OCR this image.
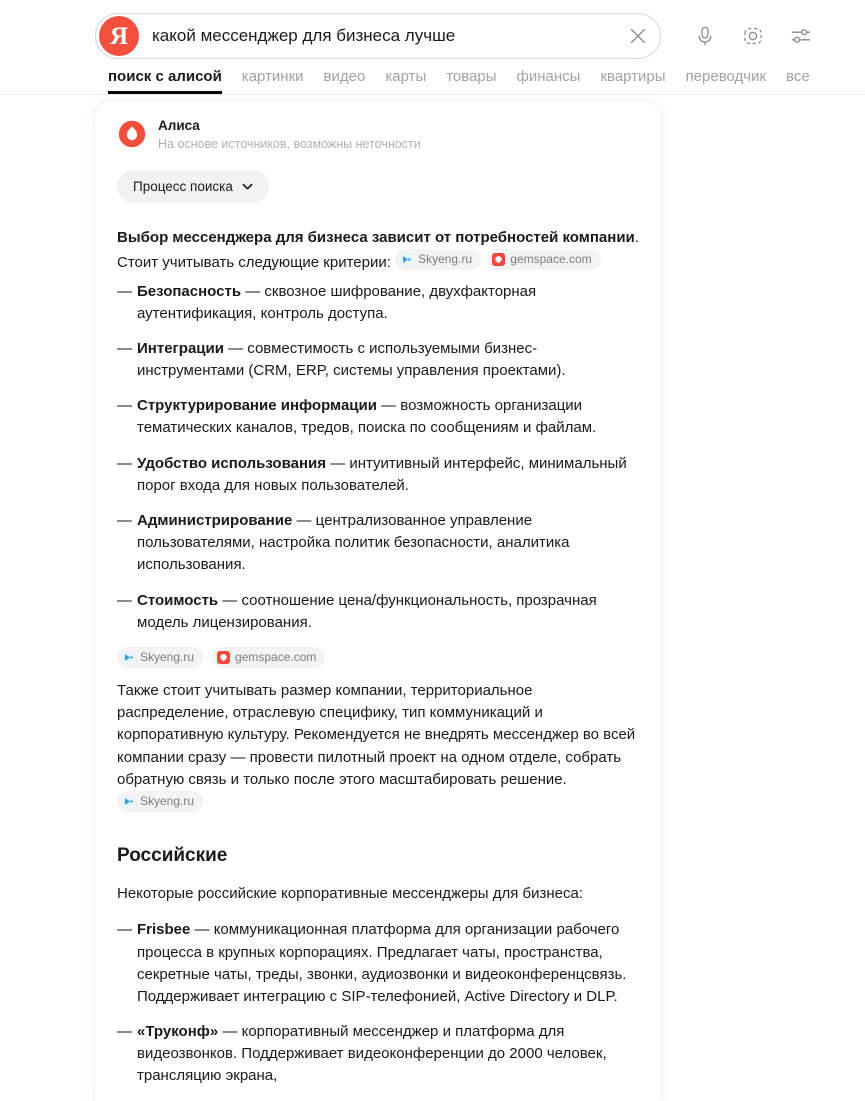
Я
какой мессенджер для бизнеса лучше
поиск с алисой картинки видео карты товары финансы квартиры переводчик все
Алиса
На основе источников, возможны неточности
Процесс поиска

Выбор мессенджера для бизнеса зависит от потребностей компании. Стоит учитывать следующие критерии: Skyeng.ru
	gemspace.com

— Безопасность — сквозное шифрование, двухфакторная аутентификация, контроль доступа.
— Интеграции — совместимость с используемыми бизнес-инструментами (CRM, ERP, системы управления проектами).
— Структурирование информации — возможность организации тематических каналов, тредов, поиска по сообщениям и файлам.
— Удобство использования — интуитивный интерфейс, минимальный порог входа для новых пользователей.
— Администрирование — централизованное управление пользователями, настройка политик безопасности, аналитика использования.
— Стоимость — соотношение цена/функциональность, прозрачная модель лицензирования.
Skyeng.ru	gemspace.com

Также стоит учитывать размер компании, территориальное распределение, отраслевую специфику, тип коммуникаций и корпоративную культуру. Рекомендуется не внедрять мессенджер во всей компании сразу — провести пилотный проект на одном отделе, собрать обратную связь и только после этого масштабировать решение.
Skyeng.ru

Российские

Некоторые российские корпоративные мессенджеры для бизнеса:

— Frisbee — коммуникационная платформа для организации рабочего процесса в крупных корпорациях. Предлагает чаты, пространства, секретные чаты, треды, звонки, аудиозвонки и видеоконференцсвязь. Поддерживает интеграцию с SIP-телефонией, Active Directory и DLP.
— «Труконф» — корпоративный мессенджер и платформа для видеозвонков. Поддерживает видеоконференции до 2000 человек, трансляцию экрана,
